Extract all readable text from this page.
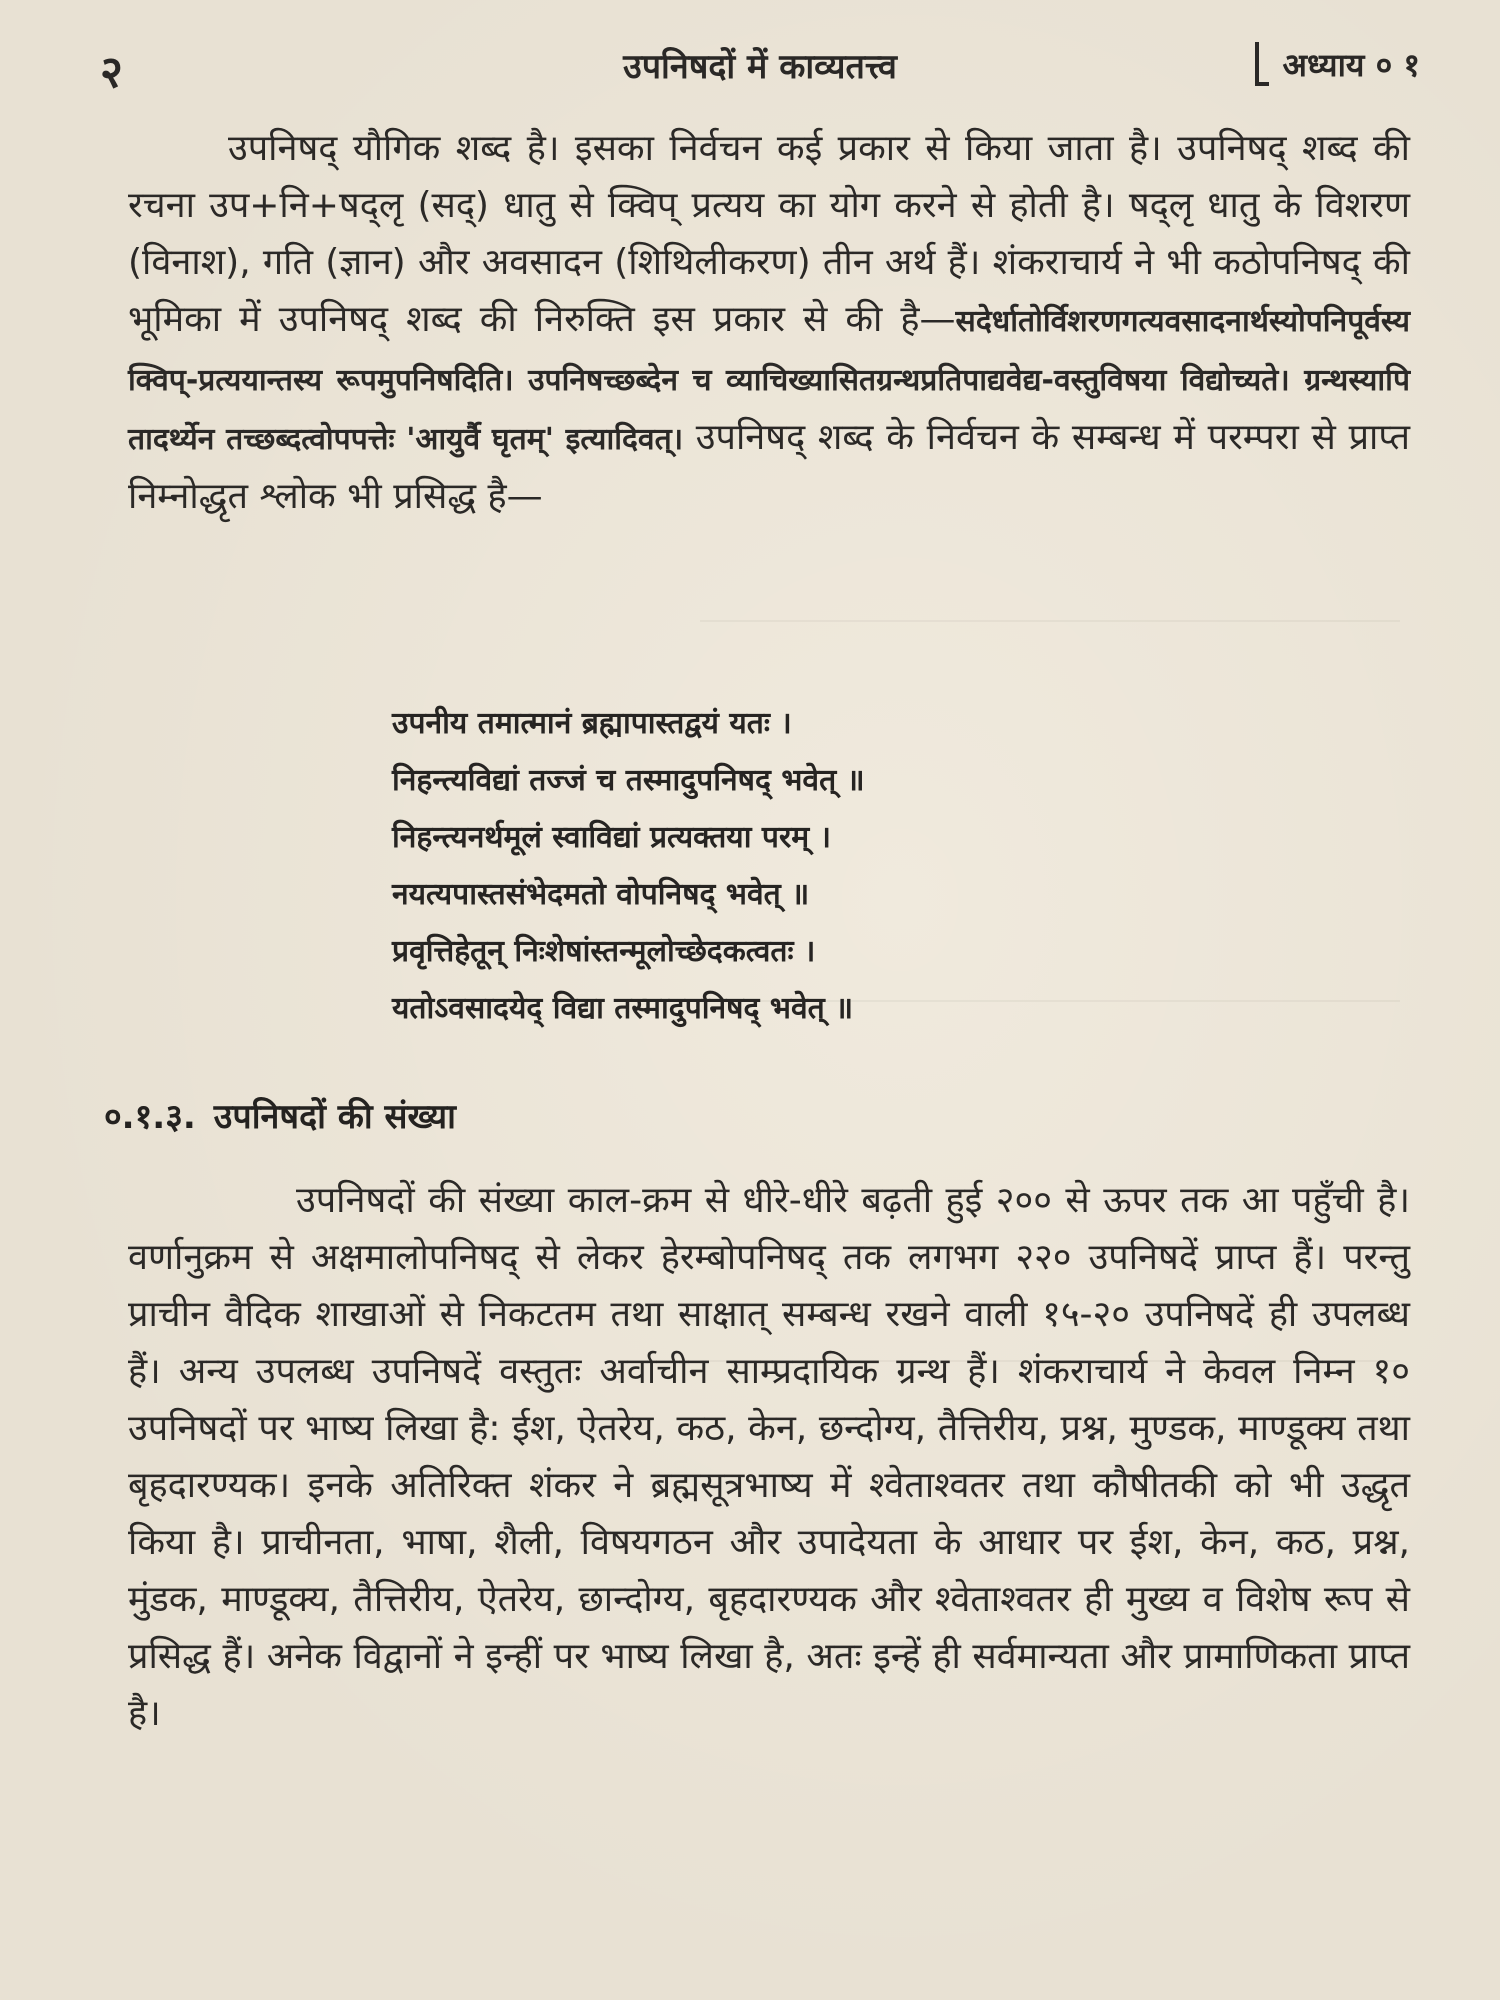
२	उपनिषदों में काव्यतत्त्व	अध्याय ० १

उपनिषद् यौगिक शब्द है। इसका निर्वचन कई प्रकार से किया जाता है। उपनिषद् शब्द की रचना उप+नि+षद्लृ (सद्) धातु से क्विप् प्रत्यय का योग करने से होती है। षद्लृ धातु के विशरण (विनाश), गति (ज्ञान) और अवसादन (शिथिलीकरण) तीन अर्थ हैं। शंकराचार्य ने भी कठोपनिषद् की भूमिका में उपनिषद् शब्द की निरुक्ति इस प्रकार से की है—सदेर्धातोर्विशरणगत्यवसादनार्थस्योपनिपूर्वस्य क्विप्-प्रत्ययान्तस्य रूपमुपनिषदिति। उपनिषच्छब्देन च व्याचिख्यासितग्रन्थप्रतिपाद्यवेद्य-वस्तुविषया विद्योच्यते। ग्रन्थस्यापि तादर्थ्येन तच्छब्दत्वोपपत्तेः 'आयुर्वै घृतम्' इत्यादिवत्। उपनिषद् शब्द के निर्वचन के सम्बन्ध में परम्परा से प्राप्त निम्नोद्धृत श्लोक भी प्रसिद्ध है—

उपनीय तमात्मानं ब्रह्मापास्तद्वयं यतः ।
निहन्त्यविद्यां तज्जं च तस्मादुपनिषद् भवेत् ॥
निहन्त्यनर्थमूलं स्वाविद्यां प्रत्यक्तया परम् ।
नयत्यपास्तसंभेदमतो वोपनिषद् भवेत् ॥
प्रवृत्तिहेतून् निःशेषांस्तन्मूलोच्छेदकत्वतः ।
यतोऽवसादयेद् विद्या तस्मादुपनिषद् भवेत् ॥
०.१.३. उपनिषदों की संख्या

उपनिषदों की संख्या काल-क्रम से धीरे-धीरे बढ़ती हुई २०० से ऊपर तक आ पहुँची है। वर्णानुक्रम से अक्षमालोपनिषद् से लेकर हेरम्बोपनिषद् तक लगभग २२० उपनिषदें प्राप्त हैं। परन्तु प्राचीन वैदिक शाखाओं से निकटतम तथा साक्षात् सम्बन्ध रखने वाली १५-२० उपनिषदें ही उपलब्ध हैं। अन्य उपलब्ध उपनिषदें वस्तुतः अर्वाचीन साम्प्रदायिक ग्रन्थ हैं। शंकराचार्य ने केवल निम्न १० उपनिषदों पर भाष्य लिखा है: ईश, ऐतरेय, कठ, केन, छन्दोग्य, तैत्तिरीय, प्रश्न, मुण्डक, माण्डूक्य तथा बृहदारण्यक। इनके अतिरिक्त शंकर ने ब्रह्मसूत्रभाष्य में श्वेताश्वतर तथा कौषीतकी को भी उद्धृत किया है। प्राचीनता, भाषा, शैली, विषयगठन और उपादेयता के आधार पर ईश, केन, कठ, प्रश्न, मुंडक, माण्डूक्य, तैत्तिरीय, ऐतरेय, छान्दोग्य, बृहदारण्यक और श्वेताश्वतर ही मुख्य व विशेष रूप से प्रसिद्ध हैं। अनेक विद्वानों ने इन्हीं पर भाष्य लिखा है, अतः इन्हें ही सर्वमान्यता और प्रामाणिकता प्राप्त है।
